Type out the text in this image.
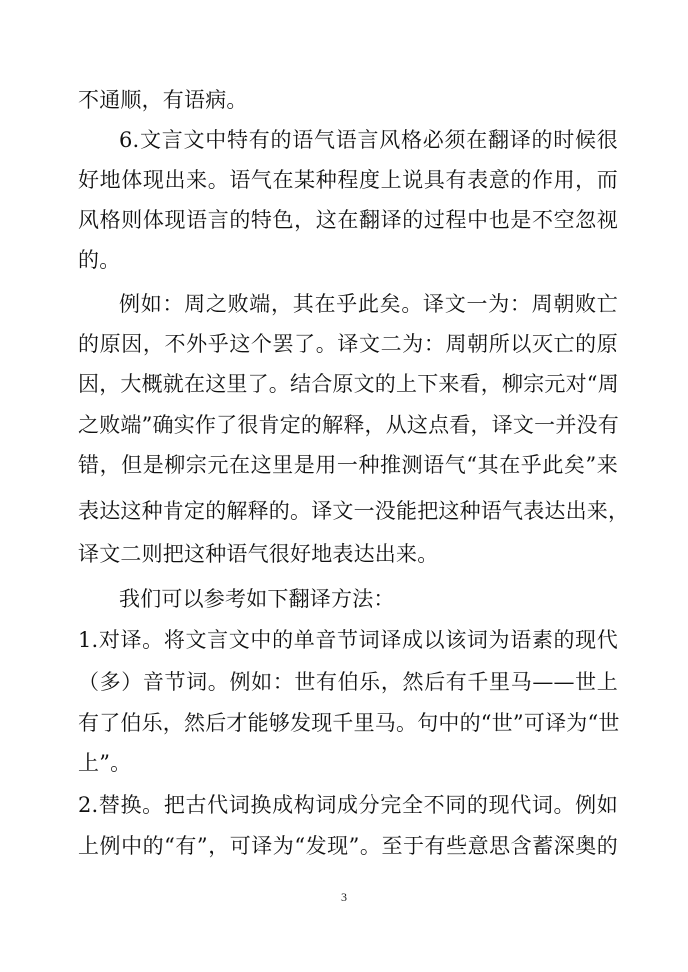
不通顺，有语病。
6.文言文中特有的语气语言风格必须在翻译的时候很
好地体现出来。语气在某种程度上说具有表意的作用，而
风格则体现语言的特色，这在翻译的过程中也是不空忽视
的。
例如：周之败端，其在乎此矣。译文一为：周朝败亡
的原因，不外乎这个罢了。译文二为：周朝所以灭亡的原
因，大概就在这里了。结合原文的上下来看，柳宗元对“周
之败端”确实作了很肯定的解释，从这点看，译文一并没有
错，但是柳宗元在这里是用一种推测语气“其在乎此矣”来
表达这种肯定的解释的。译文一没能把这种语气表达出来，
译文二则把这种语气很好地表达出来。
我们可以参考如下翻译方法：
1.对译。将文言文中的单音节词译成以该词为语素的现代
（多）音节词。例如：世有伯乐，然后有千里马——世上
有了伯乐，然后才能够发现千里马。句中的“世”可译为“世
上”。
2.替换。把古代词换成构词成分完全不同的现代词。例如
上例中的“有”，可译为“发现”。至于有些意思含蓄深奥的
3
